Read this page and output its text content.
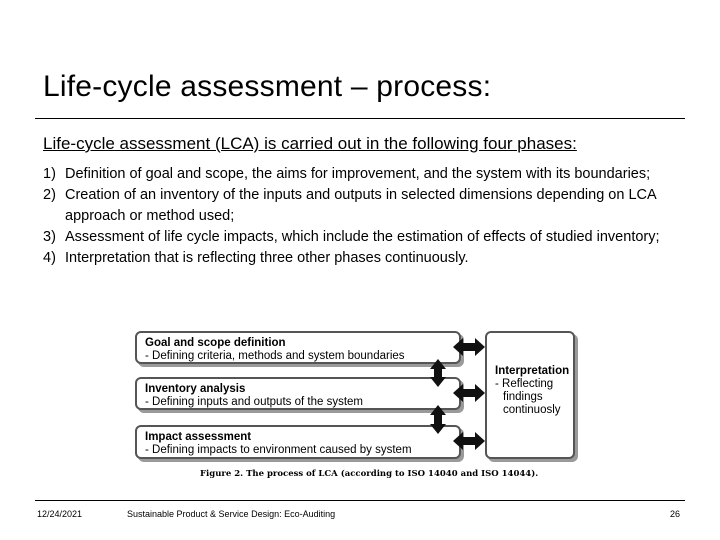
Life-cycle assessment – process:
Life-cycle assessment (LCA) is carried out in the following four phases:
1) Definition of goal and scope, the aims for improvement, and the system with its boundaries;
2) Creation of an inventory of the inputs and outputs in selected dimensions depending on LCA approach or method used;
3) Assessment of life cycle impacts, which include the estimation of effects of studied inventory;
4) Interpretation that is reflecting three other phases continuously.
Goal and scope definition
- Defining criteria, methods and system boundaries
Inventory analysis
- Defining inputs and outputs of the system
Impact assessment
- Defining impacts to environment caused by system
Interpretation
- Reflecting
findings
continuosly
Figure 2. The process of LCA (according to ISO 14040 and ISO 14044).
12/24/2021	Sustainable Product & Service Design: Eco-Auditing	26
